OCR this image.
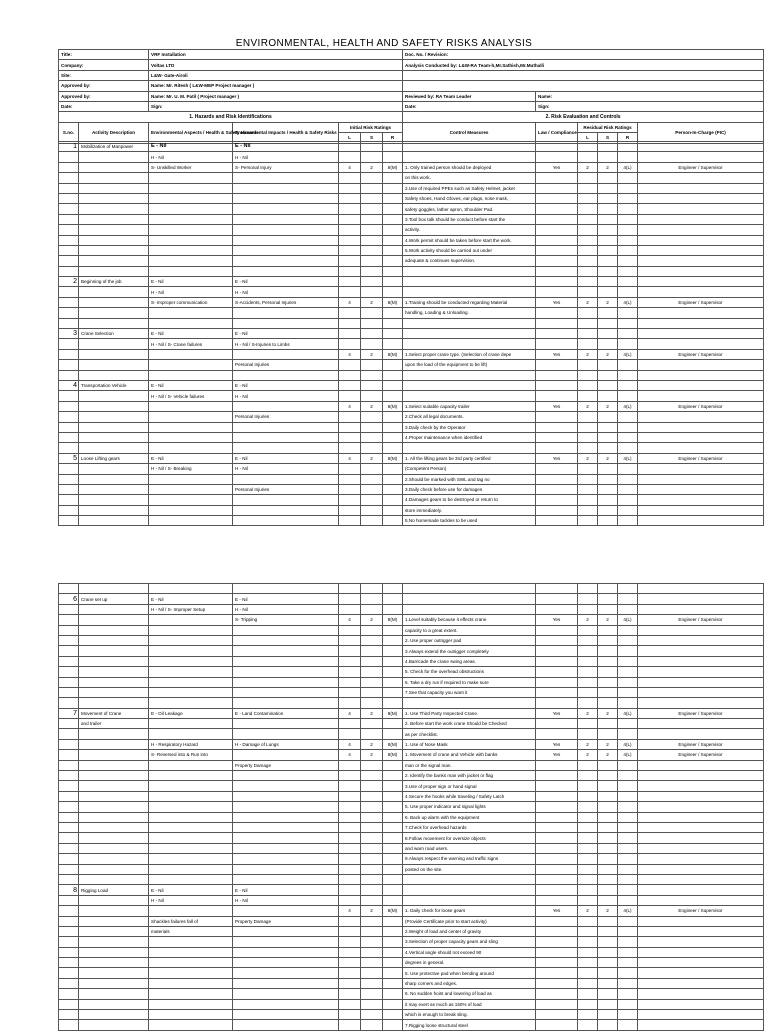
ENVIRONMENTAL, HEALTH AND SAFETY RISKS ANALYSIS
Title:		VRF Installation					Doc. No. / Revision:					
Company:		Voltas LTD					Analysis Conducted by: L&W-RA Team-h,Mr.Sathish,Mr.Muthalli					
Site:		L&W- Gate-Airoli										
Approved by:		Name: Mr. Ritesh ( L&W-MEP Project manager )										
Approved by:		Name: Mr. U. M. Patil ( Project manager )					Reviewed by: RA Team Leader	Name:				
Date:		Sign:					Date:	Sign:				
1. Hazards and Risk Identifications							2. Risk Evaluation and Controls					
S.no.	Activity Description	Environmental Aspects / Health & Safety Hazards	Environmental Impacts / Health & Safety Risks	Initial Risk Ratings			Control Measures	Law / Compliance	Residual Risk Ratings			Person-In-Charge (PIC)
				L	S	R			L	S	R	
1	Mobilization of Manpower	E - Nil	E - Nil									
		H - Nil	H - Nil									
		S- Unskilled Worker	S- Personal Injury	4	2	8(M)	1. Only trained person should be deployed	Yes	2	2	4(L)	Engineer / Supervisor
							on this work.					
							2.Use of required PPEs such as Safety Helmet, jacket					
							Safety shoes, Hand Gloves, ear plugs, nose mask,					
							safety goggles, lather apron, Shoulder Pad.					
							3.Tool box talk should be conduct before start the					
							activity.					
							4.Work permit should be taken before start the work.					
							5.Work activity should be carried out under					
							adequate & continues supervision.					

2	Beginning of the job	E - Nil	E - Nil									
		H - Nil	H - Nil									
		S- Improper communication	S-Accidents, Personal Injuries	4	2	8(M)	1.Training should be conducted regarding Material	Yes	2	2	4(L)	Engineer / Supervisor
							handling, Loading & Unloading.					

3	Crane Selection	E - Nil	E - Nil									
		H - Nil / S- Crane failures	H - Nil / S-Injuries to Limbs									
				4	2	8(M)	1.Select proper crane type. (Selection of crane depe	Yes	2	2	4(L)	Engineer / Supervisor
			Personal Injuries				upon the load of the equipment to be lift)					

4	Transportation Vehicle	E - Nil	E - Nil									
		H - Nil / S- Vehicle failures	H - Nil									
				4	2	8(M)	1.Select suitable capacity trailer	Yes	2	2	4(L)	Engineer / Supervisor
			Personal Injuries				2.Check all legal documents.					
							3.Daily check by the Operator					
							4.Proper maintenance when identified					

5	Loose Lifting gears	E - Nil	E - Nil	4	2	8(M)	1. All the lifting gears be 3rd party certified	Yes	2	2	4(L)	Engineer / Supervisor
		H - Nil / S- Breaking	H - Nil				(Competent Person)					
							2.Should be marked with SWL and tag no					
			Personal Injuries				3.Daily check before use for damages					
							4.Damages gears to be destroyed or return to					
							store immediately.					
							5.No homemade tackles to be used					

6	Crane set up	E - Nil	E - Nil									
		H - Nil / S- Improper Setup	H - Nil									
			S- Tripping	4	2	8(M)	1.Level suitably because it effects crane	Yes	2	2	4(L)	Engineer / Supervisor
							capacity to a great extent.					
							2. Use proper outrigger pad					
							3.Always extend the outrigger completely					
							4.Barricade the crane swing areas.					
							5. Check for the overhead obstructions					
							6. Take a dry run if required to make sure					
							7.See that capacity you want it					

7	Movement of Crane	E - Oil Leakage	E - Land Contamination	4	2	8(M)	1. Use Third Party Inspected Crane.	Yes	2	2	4(L)	Engineer / Supervisor
	and trailer						2. Before start the work crane Should be Checked					
							as per checklist.					
		H - Respiratory Hazard	H - Damage of Lungs	4	2	8(M)	1. Use of Nose Mask	Yes	2	2	4(L)	Engineer / Supervisor
		S- Reversed into & Run into		4	2	8(M)	1. Movement of crane and Vehicle with banks	Yes	2	2	4(L)	Engineer / Supervisor
			Property Damage				man or the signal man.					
							2. Identify the banks man with jacket or flag					
							3.Use of proper sign or hand signal					
							4.Secure the hooks while traveling / Safety Latch					
							5. Use proper indicator and signal lights					
							6. Back up alarm with the equipment					
							7.Check for overhead hazards					
							8.Follow movement for oversize objects					
							and warn road users.					
							9.Always respect the warning and traffic signs					
							posted on the site.					

8	Rigging Load	E - Nil	E - Nil									
		H - Nil	H - Nil									
				4	2	8(M)	1. Daily check for loose gears	Yes	2	2	4(L)	Engineer / Supervisor
		Shackles failures fall of	Property Damage				(Provide Certificate prior to start activity)					
		materials					2.Weight of load and center of gravity					
							3.Selection of proper capacity gears and sling					
							4.Vertical angle should not exceed 90					
							degrees in general.					
							5. Use protective pad when bending around					
							sharp corners and edges.					
							6. No sudden hoist and lowering of load as					
							it may exert as much as 150% of load					
							which is enough to break sling.					
							7.Rigging loose structural steel					
